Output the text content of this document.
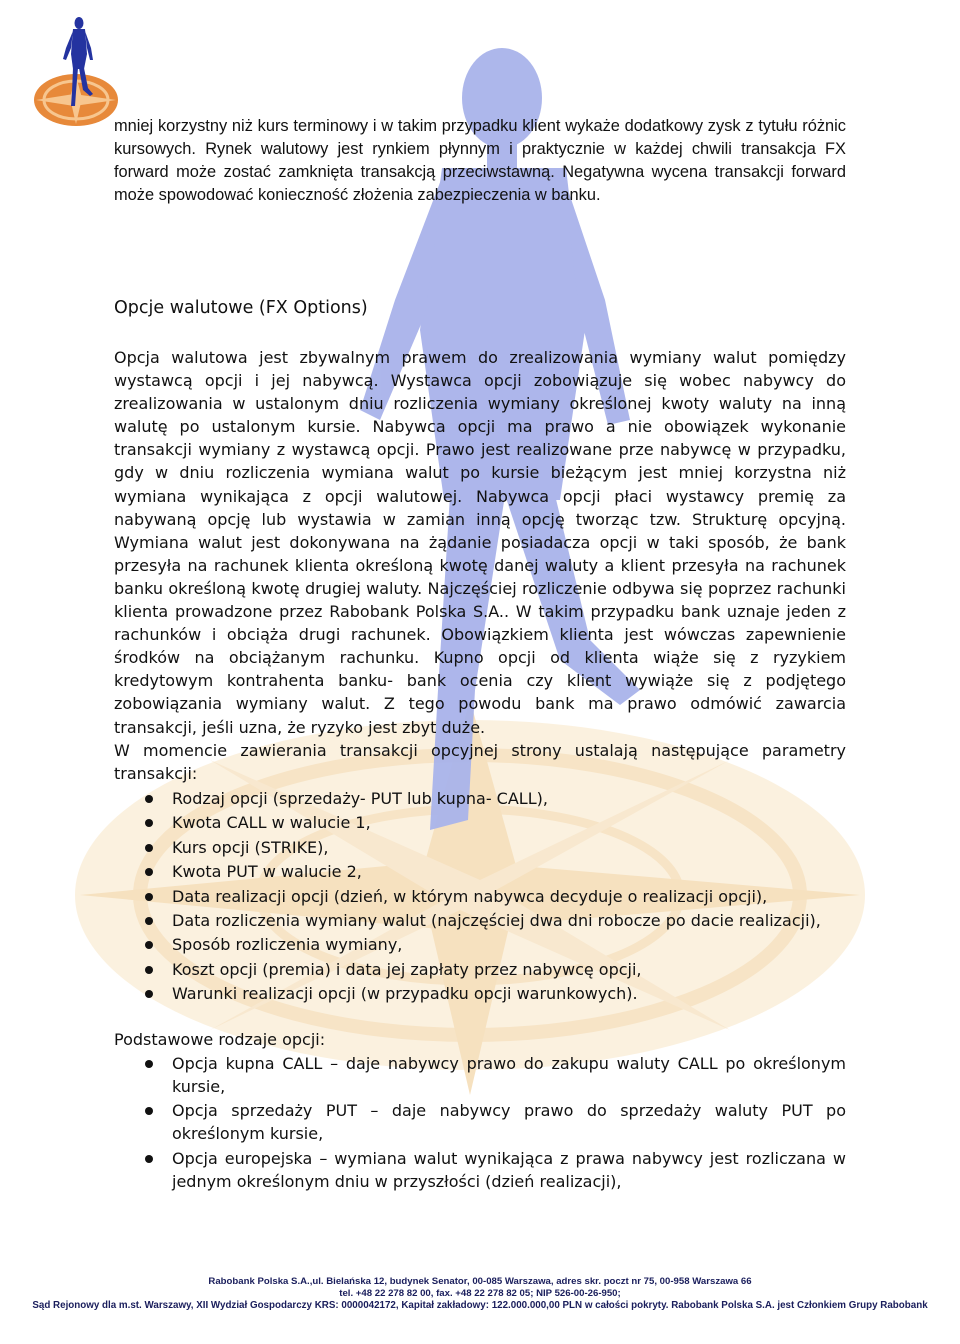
mniej korzystny niż kurs terminowy i w takim przypadku klient wykaże dodatkowy zysk z tytułu różnic kursowych. Rynek walutowy jest rynkiem płynnym i praktycznie w każdej chwili transakcja FX forward może zostać zamknięta transakcją przeciwstawną. Negatywna wycena transakcji forward może spowodować konieczność złożenia zabezpieczenia w banku.

Opcje walutowe (FX Options)

Opcja walutowa jest zbywalnym prawem do zrealizowania wymiany walut pomiędzy wystawcą opcji i jej nabywcą. Wystawca opcji zobowiązuje się wobec nabywcy do zrealizowania w ustalonym dniu rozliczenia wymiany określonej kwoty waluty na inną walutę po ustalonym kursie. Nabywca opcji ma prawo a nie obowiązek wykonanie transakcji wymiany z wystawcą opcji. Prawo jest realizowane prze nabywcę w przypadku, gdy w dniu rozliczenia wymiana walut po kursie bieżącym jest mniej korzystna niż wymiana wynikająca z opcji walutowej. Nabywca opcji płaci wystawcy premię za nabywaną opcję lub wystawia w zamian inną opcję tworząc tzw. Strukturę opcyjną. Wymiana walut jest dokonywana na żądanie posiadacza opcji w taki sposób, że bank przesyła na rachunek klienta określoną kwotę danej waluty a klient przesyła na rachunek banku określoną kwotę drugiej waluty. Najczęściej rozliczenie odbywa się poprzez rachunki klienta prowadzone przez Rabobank Polska S.A.. W takim przypadku bank uznaje jeden z rachunków i obciąża drugi rachunek. Obowiązkiem klienta jest wówczas zapewnienie środków na obciążanym rachunku. Kupno opcji od klienta wiąże się z ryzykiem kredytowym kontrahenta banku- bank ocenia czy klient wywiąże się z podjętego zobowiązania wymiany walut. Z tego powodu bank ma prawo odmówić zawarcia transakcji, jeśli uzna, że ryzyko jest zbyt duże.

W momencie zawierania transakcji opcyjnej strony ustalają następujące parametry transakcji:

Rodzaj opcji (sprzedaży- PUT lub kupna- CALL),
Kwota CALL w walucie 1,
Kurs opcji (STRIKE),
Kwota PUT w walucie 2,
Data realizacji opcji (dzień, w którym nabywca decyduje o realizacji opcji),
Data rozliczenia wymiany walut (najczęściej dwa dni robocze po dacie realizacji),
Sposób rozliczenia wymiany,
Koszt opcji (premia) i data jej zapłaty przez nabywcę opcji,
Warunki realizacji opcji (w przypadku opcji warunkowych).

Podstawowe rodzaje opcji:

Opcja kupna CALL – daje nabywcy prawo do zakupu waluty CALL po określonym kursie,
Opcja sprzedaży PUT – daje nabywcy prawo do sprzedaży waluty PUT po określonym kursie,
Opcja europejska – wymiana walut wynikająca z prawa nabywcy jest rozliczana w jednym określonym dniu w przyszłości (dzień realizacji),
Rabobank Polska S.A.,ul. Bielańska 12, budynek Senator, 00-085 Warszawa, adres skr. poczt nr 75, 00-958 Warszawa 66
tel. +48 22 278 82 00, fax. +48 22 278 82 05; NIP 526-00-26-950;
Sąd Rejonowy dla m.st. Warszawy, XII Wydział Gospodarczy KRS: 0000042172, Kapitał zakładowy: 122.000.000,00 PLN w całości pokryty. Rabobank Polska S.A. jest Członkiem Grupy Rabobank
